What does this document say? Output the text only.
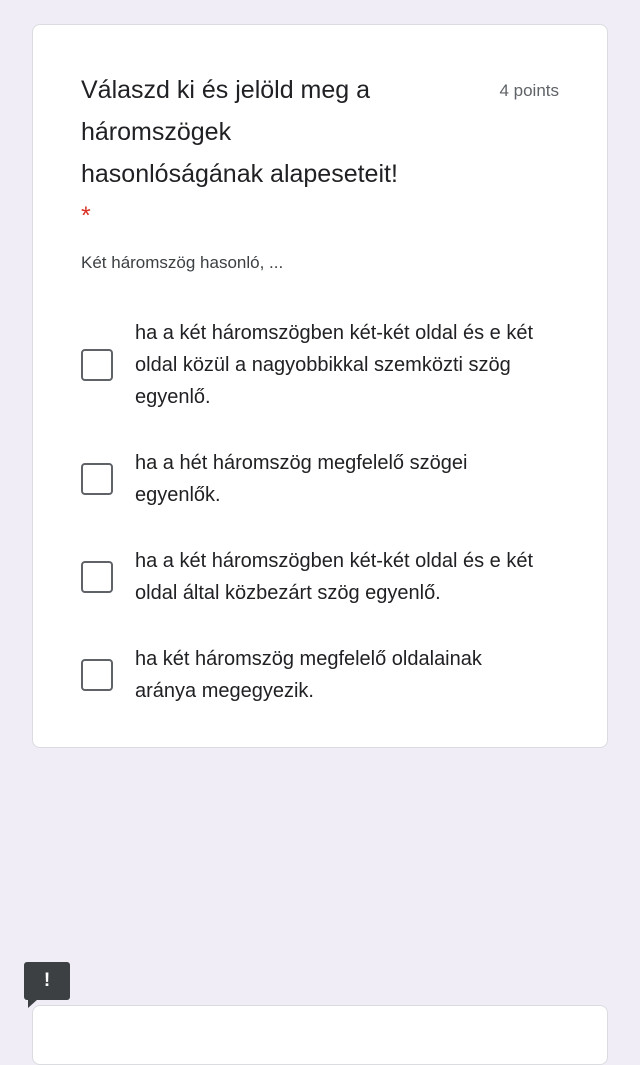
Válaszd ki és jelöld meg a háromszögek hasonlóságának alapeseteit! *
4 points
Két háromszög hasonló, ...
ha a két háromszögben két-két oldal és e két oldal közül a nagyobbikkal szemközti szög egyenlő.
ha a hét háromszög megfelelő szögei egyenlők.
ha a két háromszögben két-két oldal és e két oldal által közbezárt szög egyenlő.
ha két háromszög megfelelő oldalainak aránya megegyezik.
!
